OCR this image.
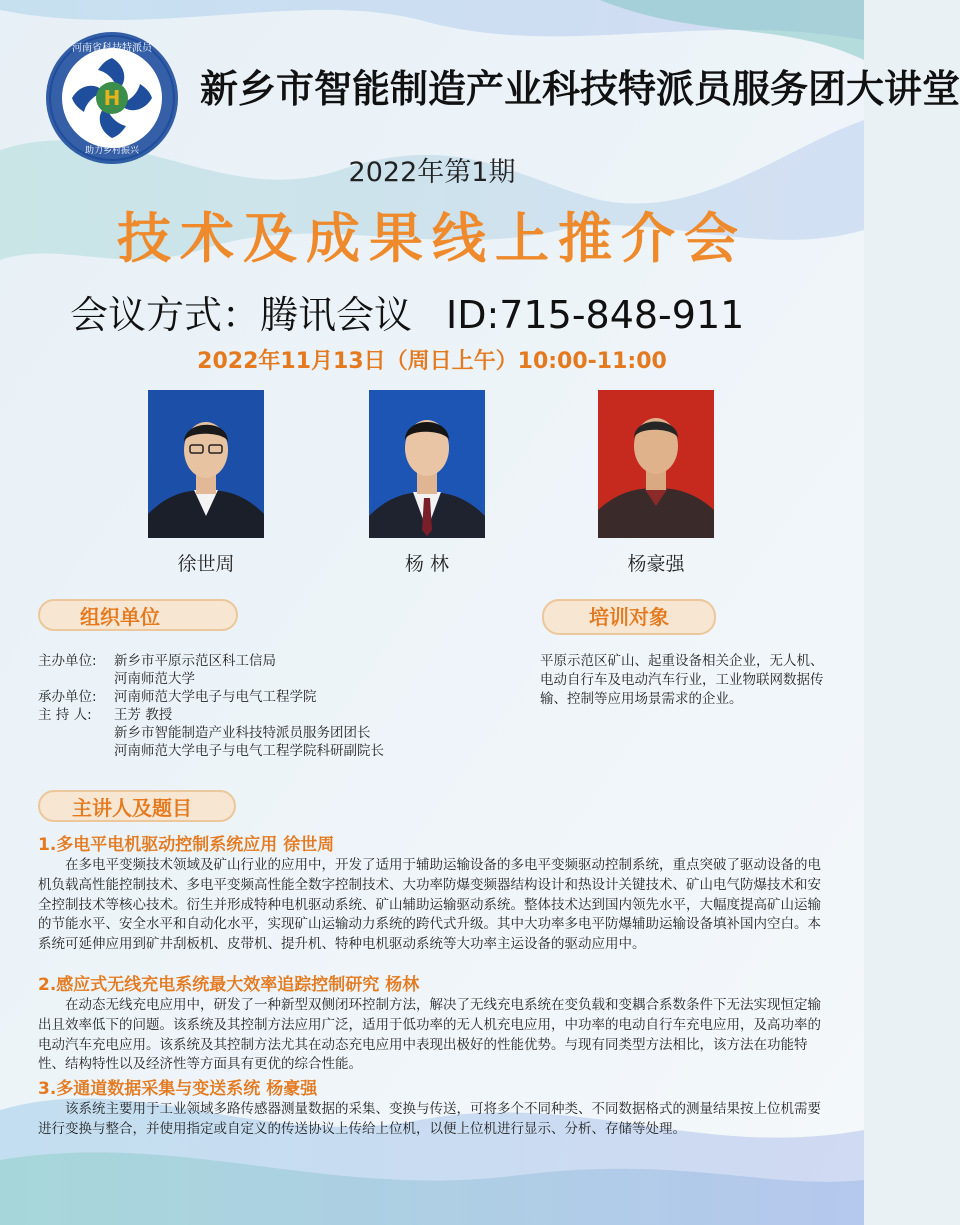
H
河南省科技特派员
助力乡村振兴
新乡市智能制造产业科技特派员服务团大讲堂
2022年第1期
技术及成果线上推介会
会议方式：腾讯会议 ID:715-848-911
2022年11月13日（周日上午）10:00-11:00
徐世周	杨 林	杨豪强
组织单位	培训对象
主办单位:	新乡市平原示范区科工信局
河南师范大学
承办单位:	河南师范大学电子与电气工程学院
主 持 人:	王芳 教授
新乡市智能制造产业科技特派员服务团团长
河南师范大学电子与电气工程学院科研副院长
平原示范区矿山、起重设备相关企业，无人机、电动自行车及电动汽车行业，工业物联网数据传输、控制等应用场景需求的企业。
主讲人及题目
1.多电平电机驱动控制系统应用 徐世周

在多电平变频技术领域及矿山行业的应用中，开发了适用于辅助运输设备的多电平变频驱动控制系统，重点突破了驱动设备的电机负载高性能控制技术、多电平变频高性能全数字控制技术、大功率防爆变频器结构设计和热设计关键技术、矿山电气防爆技术和安全控制技术等核心技术。衍生并形成特种电机驱动系统、矿山辅助运输驱动系统。整体技术达到国内领先水平，大幅度提高矿山运输的节能水平、安全水平和自动化水平，实现矿山运输动力系统的跨代式升级。其中大功率多电平防爆辅助运输设备填补国内空白。本系统可延伸应用到矿井刮板机、皮带机、提升机、特种电机驱动系统等大功率主运设备的驱动应用中。

2.感应式无线充电系统最大效率追踪控制研究 杨林

在动态无线充电应用中，研发了一种新型双侧闭环控制方法，解决了无线充电系统在变负载和变耦合系数条件下无法实现恒定输出且效率低下的问题。该系统及其控制方法应用广泛，适用于低功率的无人机充电应用，中功率的电动自行车充电应用，及高功率的电动汽车充电应用。该系统及其控制方法尤其在动态充电应用中表现出极好的性能优势。与现有同类型方法相比，该方法在功能特性、结构特性以及经济性等方面具有更优的综合性能。

3.多通道数据采集与变送系统 杨豪强

该系统主要用于工业领域多路传感器测量数据的采集、变换与传送，可将多个不同种类、不同数据格式的测量结果按上位机需要进行变换与整合，并使用指定或自定义的传送协议上传给上位机，以便上位机进行显示、分析、存储等处理。
